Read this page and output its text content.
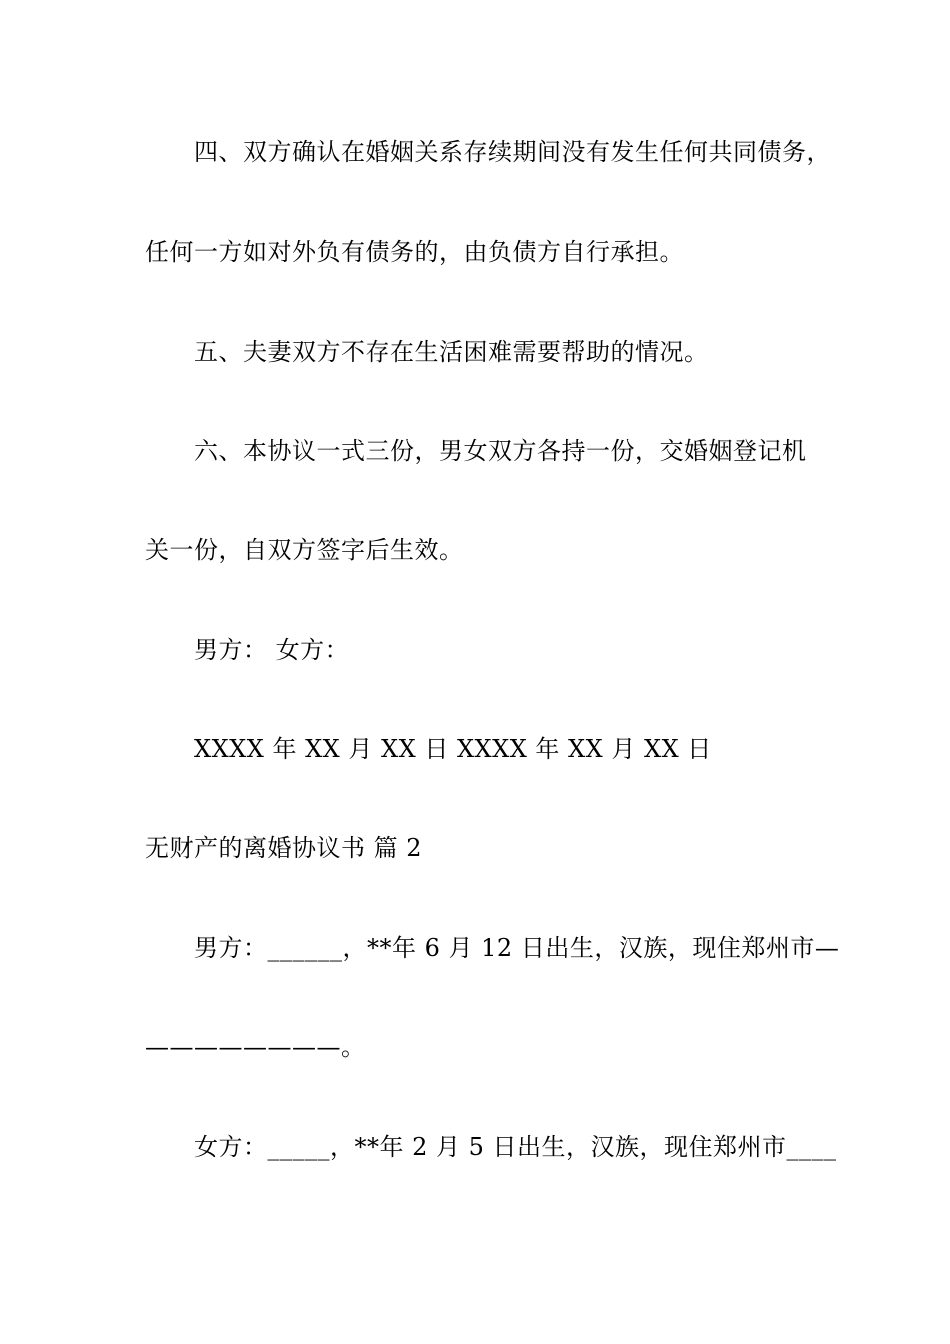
四、双方确认在婚姻关系存续期间没有发生任何共同债务，
任何一方如对外负有债务的，由负债方自行承担。
五、夫妻双方不存在生活困难需要帮助的情况。
六、本协议一式三份，男女双方各持一份，交婚姻登记机
关一份，自双方签字后生效。
男方： 女方：
XXXX 年 XX 月 XX 日 XXXX 年 XX 月 XX 日
无财产的离婚协议书 篇 2
男方：______，**年 6 月 12 日出生，汉族，现住郑州市—
————————。
女方：_____，**年 2 月 5 日出生，汉族，现住郑州市____
